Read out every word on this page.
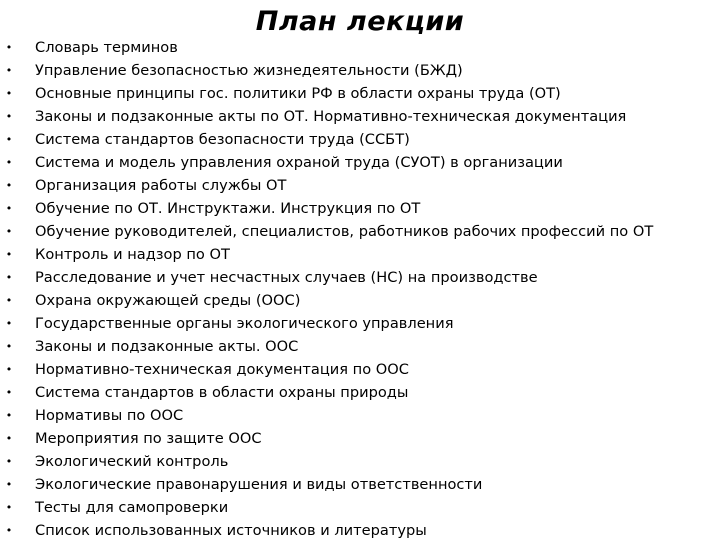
План лекции
• Словарь терминов
• Управление безопасностью жизнедеятельности (БЖД)
• Основные принципы гос. политики РФ в области охраны труда (ОТ)
• Законы и подзаконные акты по ОТ. Нормативно-техническая документация
• Система стандартов безопасности труда (ССБТ)
• Система и модель управления охраной труда (СУОТ) в организации
• Организация работы службы ОТ
• Обучение по ОТ. Инструктажи. Инструкция по ОТ
• Обучение руководителей, специалистов, работников рабочих профессий по ОТ
• Контроль и надзор по ОТ
• Расследование и учет несчастных случаев (НС) на производстве
• Охрана окружающей среды (ООС)
• Государственные органы экологического управления
• Законы и подзаконные акты. ООС
• Нормативно-техническая документация по ООС
• Система стандартов в области охраны природы
• Нормативы по ООС
• Мероприятия по защите ООС
• Экологический контроль
• Экологические правонарушения и виды ответственности
• Тесты для самопроверки
• Список использованных источников и литературы
